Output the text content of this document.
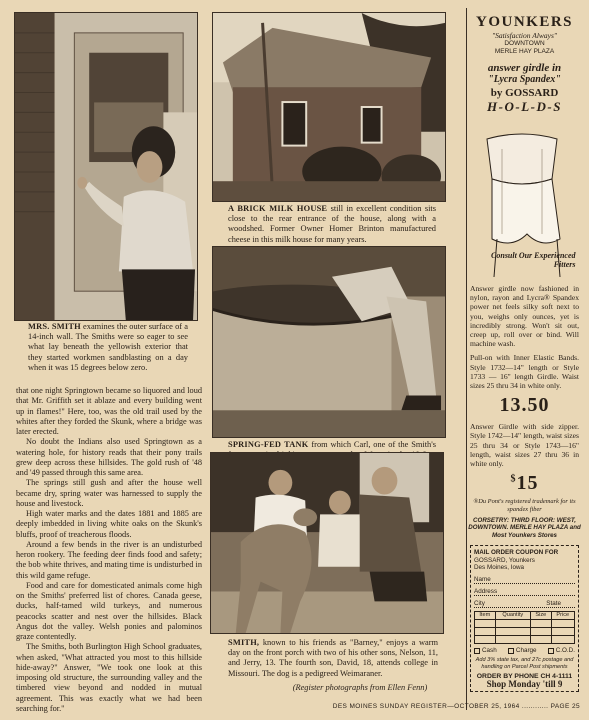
MRS. SMITH examines the outer surface of a 14-inch wall. The Smiths were so eager to see what lay beneath the yellowish exterior that they started workmen sandblasting on a day when it was 15 degrees below zero.
A BRICK MILK HOUSE still in excellent condition sits close to the rear entrance of the house, along with a woodshed. Former Owner Homer Brinton manufactured cheese in this milk house for many years.
SPRING-FED TANK from which Carl, one of the Smith's
SMITH, known to his friends as "Barney," enjoys a warm day on the front porch with two of his other sons, Nelson, 11, and Jerry, 13. The fourth son, David, 18, attends college in Missouri. The dog is a pedigreed Weimaraner.
(Register photographs from Ellen Fenn)

that one night Springtown became so liquored and loud that Mr. Griffith set it ablaze and every building went up in flames!" Here, too, was the old trail used by the whites after they forded the Skunk, where a bridge was later erected.

No doubt the Indians also used Springtown as a watering hole, for history reads that their pony trails grew deep across these hillsides. The gold rush of '48 and '49 passed through this same area.

The springs still gush and after the house well became dry, spring water was harnessed to supply the house and livestock.

High water marks and the dates 1881 and 1885 are deeply imbedded in living white oaks on the Skunk's bluffs, proof of treacherous floods.

Around a few bends in the river is an undisturbed heron rookery. The feeding deer finds food and safety; the bob white thrives, and mating time is undisturbed in this wild game refuge.

Food and care for domesticated animals come high on the Smiths' preferred list of chores. Canada geese, ducks, half-tamed wild turkeys, and numerous peacocks scatter and nest over the hillsides. Black Angus dot the valley. Welsh ponies and palominos graze contentedly.

The Smiths, both Burlington High School graduates, when asked, "What attracted you most to this hillside hide-away?" Answer, "We took one look at this imposing old structure, the surrounding valley and the timbered view beyond and nodded in mutual agreement. This was exactly what we had been searching for."

YOUNKERS
"Satisfaction Always"
DOWNTOWN
MERLE HAY PLAZA
answer girdle in
"Lycra Spandex"
by GOSSARD
H-O-L-D-S
Consult Our Experienced Fitters
Answer girdle now fashioned in nylon, rayon and Lycra® Spandex power net feels silky soft next to you, weighs only ounces, yet is incredibly strong. Won't sit out, creep up, roll over or bind. Will machine wash.
Pull-on with Inner Elastic Bands. Style 1732—14" length or Style 1733 — 16" length Girdle. Waist sizes 25 thru 34 in white only.
13.50
Answer Girdle with side zipper. Style 1742—14" length, waist sizes 25 thru 34 or Style 1743—16" length, waist sizes 27 thru 36 in white only.
$15
®Du Pont's registered trademark for its spandex fiber
CORSETRY: THIRD FLOOR: WEST, DOWNTOWN. MERLE HAY PLAZA and Most Younkers Stores
MAIL ORDER COUPON FOR
GOSSARD, Younkers
Des Moines, Iowa
Name
Address
City	State
Item	Quantity	Size	Price

Cash	Charge	C.O.D.
Add 3% state tax, and 27c postage and handling on Parcel Post shipments
ORDER BY PHONE CH 4-1111
Shop Monday 'till 9
DES MOINES SUNDAY REGISTER—OCTOBER 25, 1964 ............ PAGE 25
